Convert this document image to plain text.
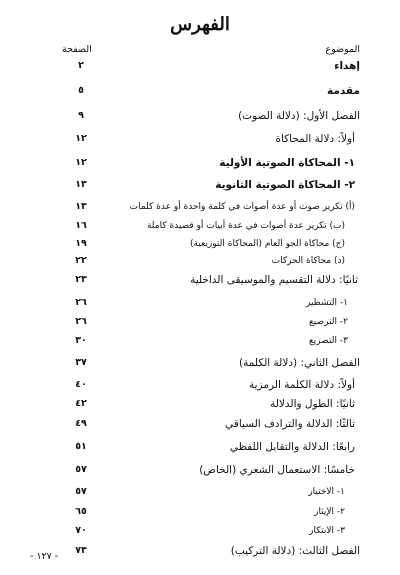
الفهرس
الموضوع
الصفحة
إهداء
٢
مقدمة
٥
الفصل الأول: (دلالة الصوت)
٩
أولاً: دلالة المحاكاة
١٢
١- المحاكاة الصوتية الأولية
١٢
٢- المحاكاة الصوتية الثانوية
١٣
(أ) تكرير صوت أو عدة أصوات في كلمة واحدة أو عدة كلمات
١٣
(ب) تكرير عدة أصوات في عدة أبيات أو قصيدة كاملة
١٦
(ج) محاكاة الجو العام (المحاكاة التوزيعية)
١٩
(د) محاكاة الحركات
٢٢
ثانيًا: دلالة التقسيم والموسيقى الداخلية
٢٣
١- التشطير
٢٦
٢- الترصيع
٢٦
٣- التصريع
٣٠
الفصل الثاني: (دلالة الكلمة)
٣٧
أولاً: دلالة الكلمة الرمزية
٤٠
ثانيًا: الطول والدلالة
٤٢
ثالثًا: الدلالة والترادف السياقي
٤٩
رابعًا: الدلالة والتقابل اللفظي
٥١
خامسًا: الاستعمال الشعري (الخاص)
٥٧
١- الاختيار
٥٧
٢- الإيثار
٦٥
٣- الابتكار
٧٠
الفصل الثالث: (دلالة التركيب)
٧٣
- ١٢٧ -
